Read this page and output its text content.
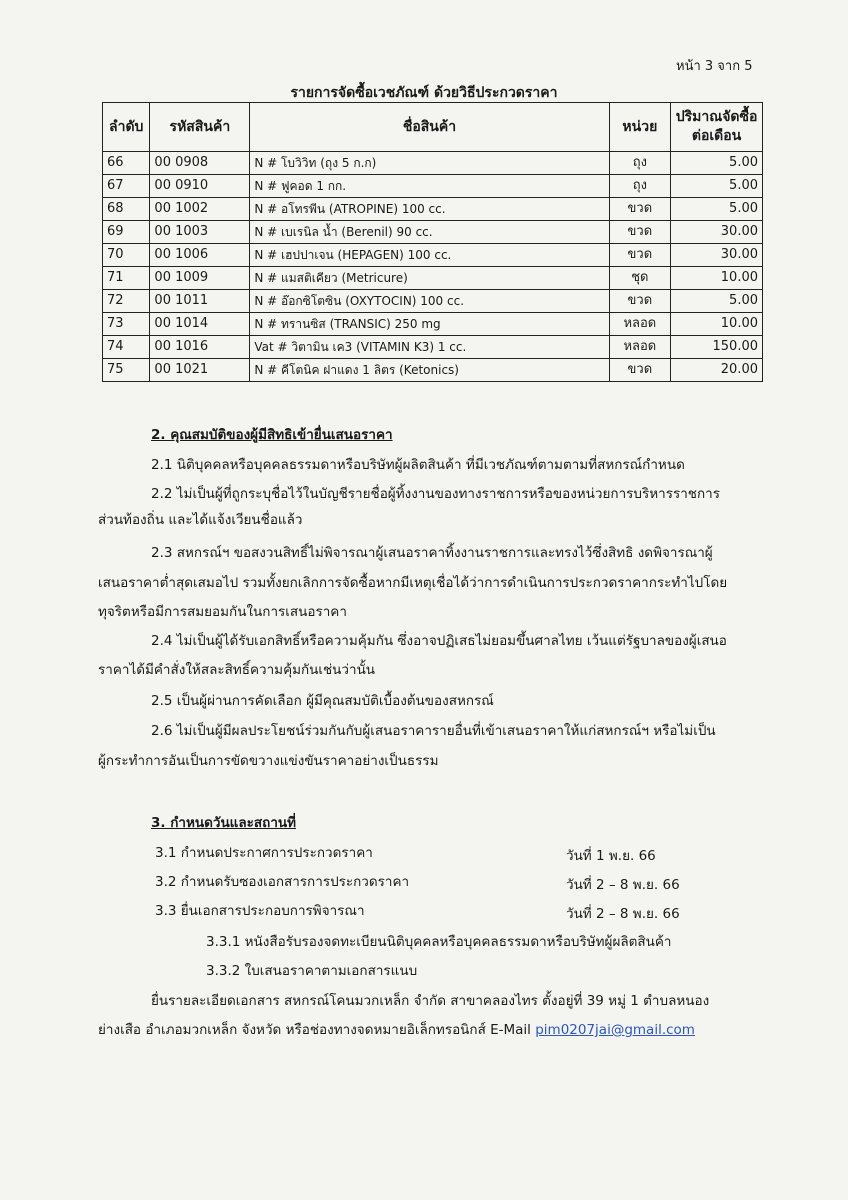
หน้า 3 จาก 5
รายการจัดซื้อเวชภัณฑ์ ด้วยวิธีประกวดราคา
ลำดับ	รหัสสินค้า	ชื่อสินค้า	หน่วย	ปริมาณจัดซื้อ
ต่อเดือน
66	00 0908	N # โบวิวิท (ถุง 5 ก.ก)	ถุง	5.00
67	00 0910	N # ฟูคอด 1 กก.	ถุง	5.00
68	00 1002	N # อโทรพีน (ATROPINE) 100 cc.	ขวด	5.00
69	00 1003	N # เบเรนิล น้ำ (Berenil) 90 cc.	ขวด	30.00
70	00 1006	N # เฮปปาเจน (HEPAGEN) 100 cc.	ขวด	30.00
71	00 1009	N # แมสติเคียว (Metricure)	ชุด	10.00
72	00 1011	N # อ๊อกซิโตซิน (OXYTOCIN) 100 cc.	ขวด	5.00
73	00 1014	N # ทรานซิส (TRANSIC) 250 mg	หลอด	10.00
74	00 1016	Vat # วิตามิน เค3 (VITAMIN K3) 1 cc.	หลอด	150.00
75	00 1021	N # คีโตนิค ฝาแดง 1 ลิตร (Ketonics)	ขวด	20.00
2. คุณสมบัติของผู้มีสิทธิเข้ายื่นเสนอราคา
2.1 นิติบุคคลหรือบุคคลธรรมดาหรือบริษัทผู้ผลิตสินค้า ที่มีเวชภัณฑ์ตามตามที่สหกรณ์กำหนด
2.2 ไม่เป็นผู้ที่ถูกระบุชื่อไว้ในบัญชีรายชื่อผู้ทิ้งงานของทางราชการหรือของหน่วยการบริหารราชการ
ส่วนท้องถิ่น และได้แจ้งเวียนชื่อแล้ว
2.3 สหกรณ์ฯ ขอสงวนสิทธิ์ไม่พิจารณาผู้เสนอราคาทิ้งงานราชการและทรงไว้ซึ่งสิทธิ งดพิจารณาผู้
เสนอราคาต่ำสุดเสมอไป รวมทั้งยกเลิกการจัดซื้อหากมีเหตุเชื่อได้ว่าการดำเนินการประกวดราคากระทำไปโดย
ทุจริตหรือมีการสมยอมกันในการเสนอราคา
2.4 ไม่เป็นผู้ได้รับเอกสิทธิ์หรือความคุ้มกัน ซึ่งอาจปฏิเสธไม่ยอมขึ้นศาลไทย เว้นแต่รัฐบาลของผู้เสนอ
ราคาได้มีคำสั่งให้สละสิทธิ์ความคุ้มกันเช่นว่านั้น
2.5 เป็นผู้ผ่านการคัดเลือก ผู้มีคุณสมบัติเบื้องต้นของสหกรณ์
2.6 ไม่เป็นผู้มีผลประโยชน์ร่วมกันกับผู้เสนอราคารายอื่นที่เข้าเสนอราคาให้แก่สหกรณ์ฯ หรือไม่เป็น
ผู้กระทำการอันเป็นการขัดขวางแข่งขันราคาอย่างเป็นธรรม
3. กำหนดวันและสถานที่
3.1 กำหนดประกาศการประกวดราคา	วันที่ 1 พ.ย. 66
3.2 กำหนดรับซองเอกสารการประกวดราคา	วันที่ 2 – 8 พ.ย. 66
3.3 ยื่นเอกสารประกอบการพิจารณา	วันที่ 2 – 8 พ.ย. 66
3.3.1 หนังสือรับรองจดทะเบียนนิติบุคคลหรือบุคคลธรรมดาหรือบริษัทผู้ผลิตสินค้า
3.3.2 ใบเสนอราคาตามเอกสารแนบ
ยื่นรายละเอียดเอกสาร สหกรณ์โคนมวกเหล็ก จำกัด สาขาคลองไทร ตั้งอยู่ที่ 39 หมู่ 1 ตำบลหนอง
ย่างเสือ อำเภอมวกเหล็ก จังหวัด หรือช่องทางจดหมายอิเล็กทรอนิกส์ E-Mail pim0207jai@gmail.com
